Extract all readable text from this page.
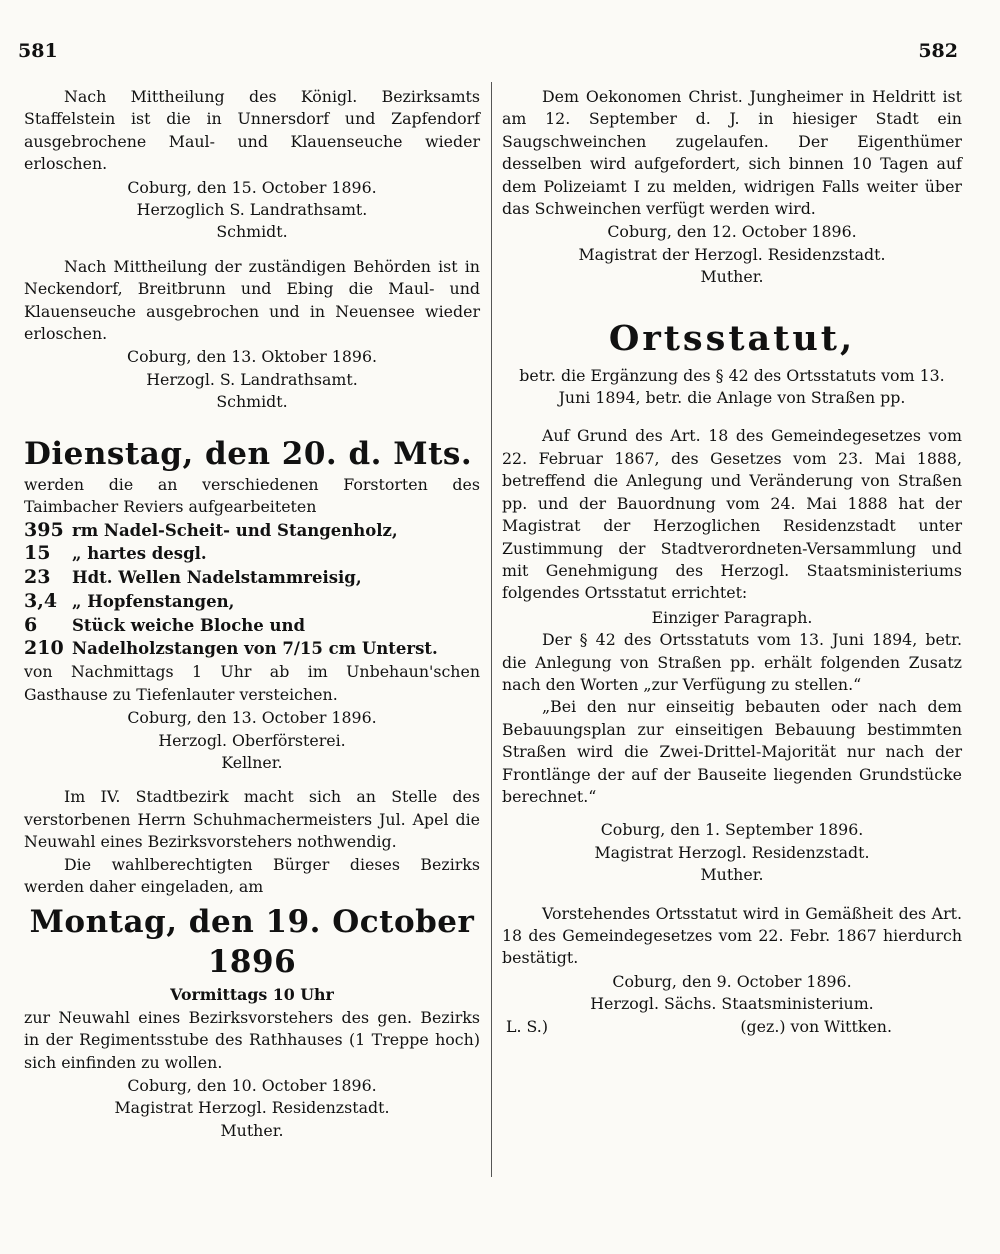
581	582

Nach Mittheilung des Königl. Bezirksamts Staffelstein ist die in Unnersdorf und Zapfendorf ausgebrochene Maul- und Klauenseuche wieder erloschen.

Coburg, den 15. October 1896.
Herzoglich S. Landrathsamt.
Schmidt.

Nach Mittheilung der zuständigen Behörden ist in Neckendorf, Breitbrunn und Ebing die Maul- und Klauenseuche ausgebrochen und in Neuensee wieder erloschen.

Coburg, den 13. Oktober 1896.
Herzogl. S. Landrathsamt.
Schmidt.
Dienstag, den 20. d. Mts.

werden die an verschiedenen Forstorten des Taimbacher Reviers aufgearbeiteten

395 rm Nadel-Scheit- und Stangenholz,
15 „ hartes desgl.
23 Hdt. Wellen Nadelstammreisig,
3,4 „ Hopfenstangen,
6 Stück weiche Bloche und
210 Nadelholzstangen von 7/15 cm Unterst.

von Nachmittags 1 Uhr ab im Unbehaun'schen Gasthause zu Tiefenlauter versteichen.

Coburg, den 13. October 1896.
Herzogl. Oberförsterei.
Kellner.

Im IV. Stadtbezirk macht sich an Stelle des verstorbenen Herrn Schuhmachermeisters Jul. Apel die Neuwahl eines Bezirksvorstehers nothwendig.

Die wahlberechtigten Bürger dieses Bezirks werden daher eingeladen, am

Montag, den 19. October 1896
Vormittags 10 Uhr

zur Neuwahl eines Bezirksvorstehers des gen. Bezirks in der Regimentsstube des Rathhauses (1 Treppe hoch) sich einfinden zu wollen.

Coburg, den 10. October 1896.
Magistrat Herzogl. Residenzstadt.
Muther.

Dem Oekonomen Christ. Jungheimer in Heldritt ist am 12. September d. J. in hiesiger Stadt ein Saugschweinchen zugelaufen. Der Eigenthümer desselben wird aufgefordert, sich binnen 10 Tagen auf dem Polizeiamt I zu melden, widrigen Falls weiter über das Schweinchen verfügt werden wird.

Coburg, den 12. October 1896.
Magistrat der Herzogl. Residenzstadt.
Muther.
Ortsstatut,

betr. die Ergänzung des § 42 des Ortsstatuts vom 13. Juni 1894, betr. die Anlage von Straßen pp.

Auf Grund des Art. 18 des Gemeindegesetzes vom 22. Februar 1867, des Gesetzes vom 23. Mai 1888, betreffend die Anlegung und Veränderung von Straßen pp. und der Bauordnung vom 24. Mai 1888 hat der Magistrat der Herzoglichen Residenzstadt unter Zustimmung der Stadtverordneten-Versammlung und mit Genehmigung des Herzogl. Staatsministeriums folgendes Ortsstatut errichtet:

Einziger Paragraph.

Der § 42 des Ortsstatuts vom 13. Juni 1894, betr. die Anlegung von Straßen pp. erhält folgenden Zusatz nach den Worten „zur Verfügung zu stellen.“

„Bei den nur einseitig bebauten oder nach dem Bebauungsplan zur einseitigen Bebauung bestimmten Straßen wird die Zwei-Drittel-Majorität nur nach der Frontlänge der auf der Bauseite liegenden Grundstücke berechnet.“

Coburg, den 1. September 1896.
Magistrat Herzogl. Residenzstadt.
Muther.

Vorstehendes Ortsstatut wird in Gemäßheit des Art. 18 des Gemeindegesetzes vom 22. Febr. 1867 hierdurch bestätigt.

Coburg, den 9. October 1896.
Herzogl. Sächs. Staatsministerium.
L. S.)	(gez.) von Wittken.
